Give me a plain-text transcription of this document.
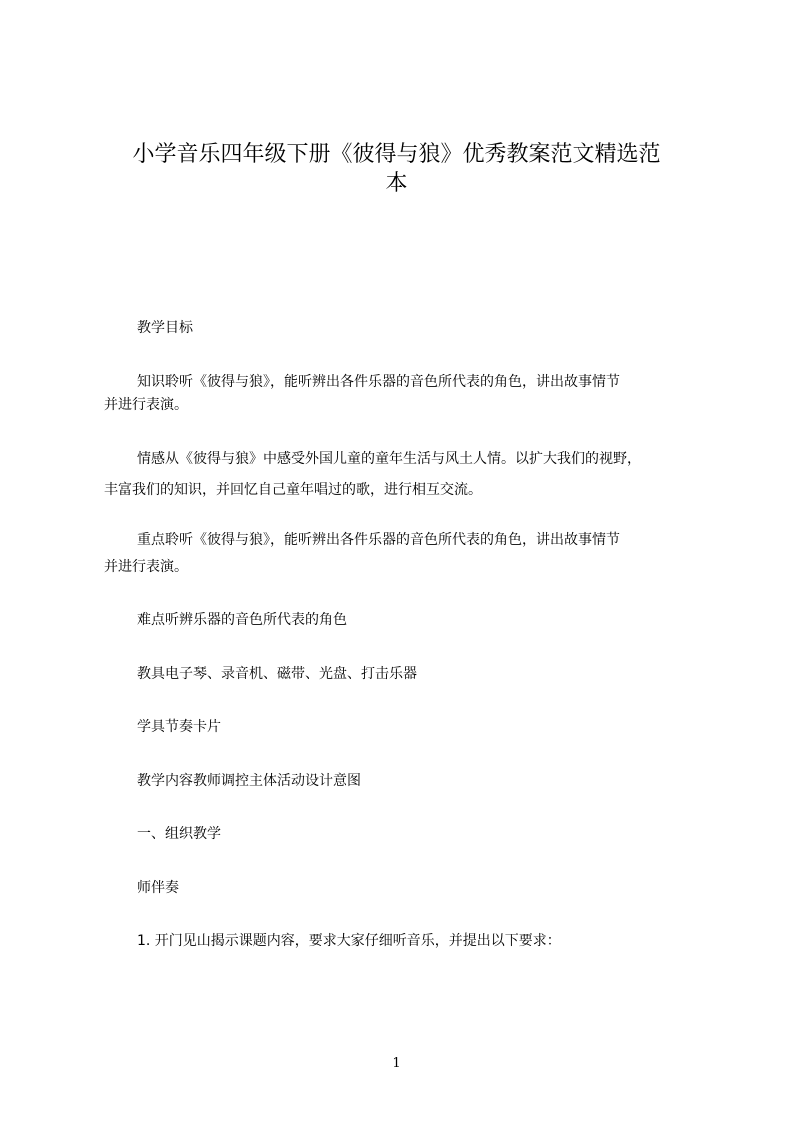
小学音乐四年级下册《彼得与狼》优秀教案范文精选范
本

教学目标

知识聆听《彼得与狼》，能听辨出各件乐器的音色所代表的角色，讲出故事情节

并进行表演。

情感从《彼得与狼》中感受外国儿童的童年生活与风土人情。以扩大我们的视野，

丰富我们的知识，并回忆自己童年唱过的歌，进行相互交流。

重点聆听《彼得与狼》，能听辨出各件乐器的音色所代表的角色，讲出故事情节

并进行表演。

难点听辨乐器的音色所代表的角色

教具电子琴、录音机、磁带、光盘、打击乐器

学具节奏卡片

教学内容教师调控主体活动设计意图

一、组织教学

师伴奏

1. 开门见山揭示课题内容，要求大家仔细听音乐，并提出以下要求：

1
